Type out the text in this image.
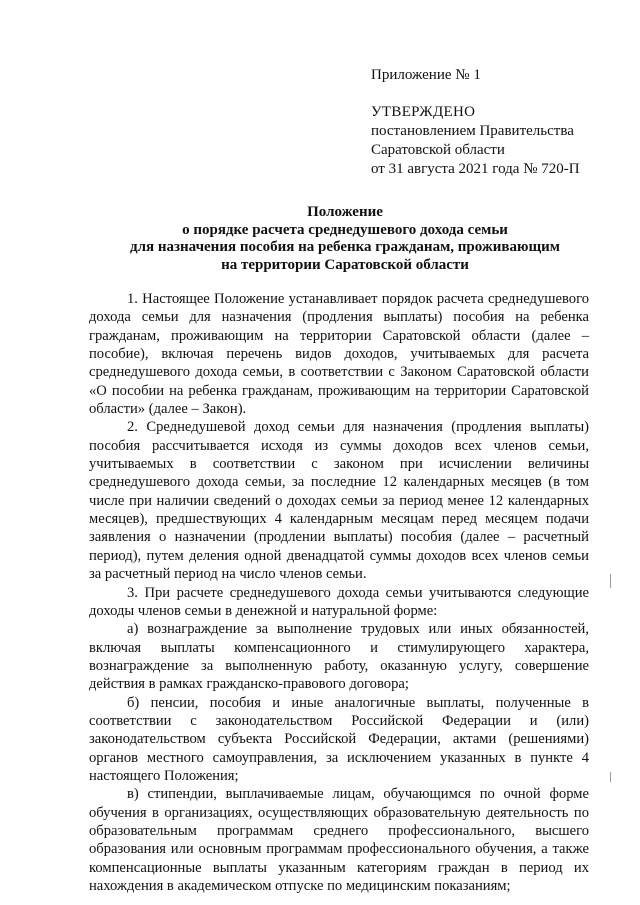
Приложение № 1
УТВЕРЖДЕНО
постановлением Правительства
Саратовской области
от 31 августа 2021 года № 720-П
Положение
о порядке расчета среднедушевого дохода семьи
для назначения пособия на ребенка гражданам, проживающим
на территории Саратовской области

1. Настоящее Положение устанавливает порядок расчета среднедушевого дохода семьи для назначения (продления выплаты) пособия на ребенка гражданам, проживающим на территории Саратовской области (далее – пособие), включая перечень видов доходов, учитываемых для расчета среднедушевого дохода семьи, в соответствии с Законом Саратовской области «О пособии на ребенка гражданам, проживающим на территории Саратовской области» (далее – Закон).

2. Среднедушевой доход семьи для назначения (продления выплаты) пособия рассчитывается исходя из суммы доходов всех членов семьи, учитываемых в соответствии с законом при исчислении величины среднедушевого дохода семьи, за последние 12 календарных месяцев (в том числе при наличии сведений о доходах семьи за период менее 12 календарных месяцев), предшествующих 4 календарным месяцам перед месяцем подачи заявления о назначении (продлении выплаты) пособия (далее – расчетный период), путем деления одной двенадцатой суммы доходов всех членов семьи за расчетный период на число членов семьи.

3. При расчете среднедушевого дохода семьи учитываются следующие доходы членов семьи в денежной и натуральной форме:

а) вознаграждение за выполнение трудовых или иных обязанностей, включая выплаты компенсационного и стимулирующего характера, вознаграждение за выполненную работу, оказанную услугу, совершение действия в рамках гражданско-правового договора;

б) пенсии, пособия и иные аналогичные выплаты, полученные в соответствии с законодательством Российской Федерации и (или) законодательством субъекта Российской Федерации, актами (решениями) органов местного самоуправления, за исключением указанных в пункте 4 настоящего Положения;

в) стипендии, выплачиваемые лицам, обучающимся по очной форме обучения в организациях, осуществляющих образовательную деятельность по образовательным программам среднего профессионального, высшего образования или основным программам профессионального обучения, а также компенсационные выплаты указанным категориям граждан в период их нахождения в академическом отпуске по медицинским показаниям;
